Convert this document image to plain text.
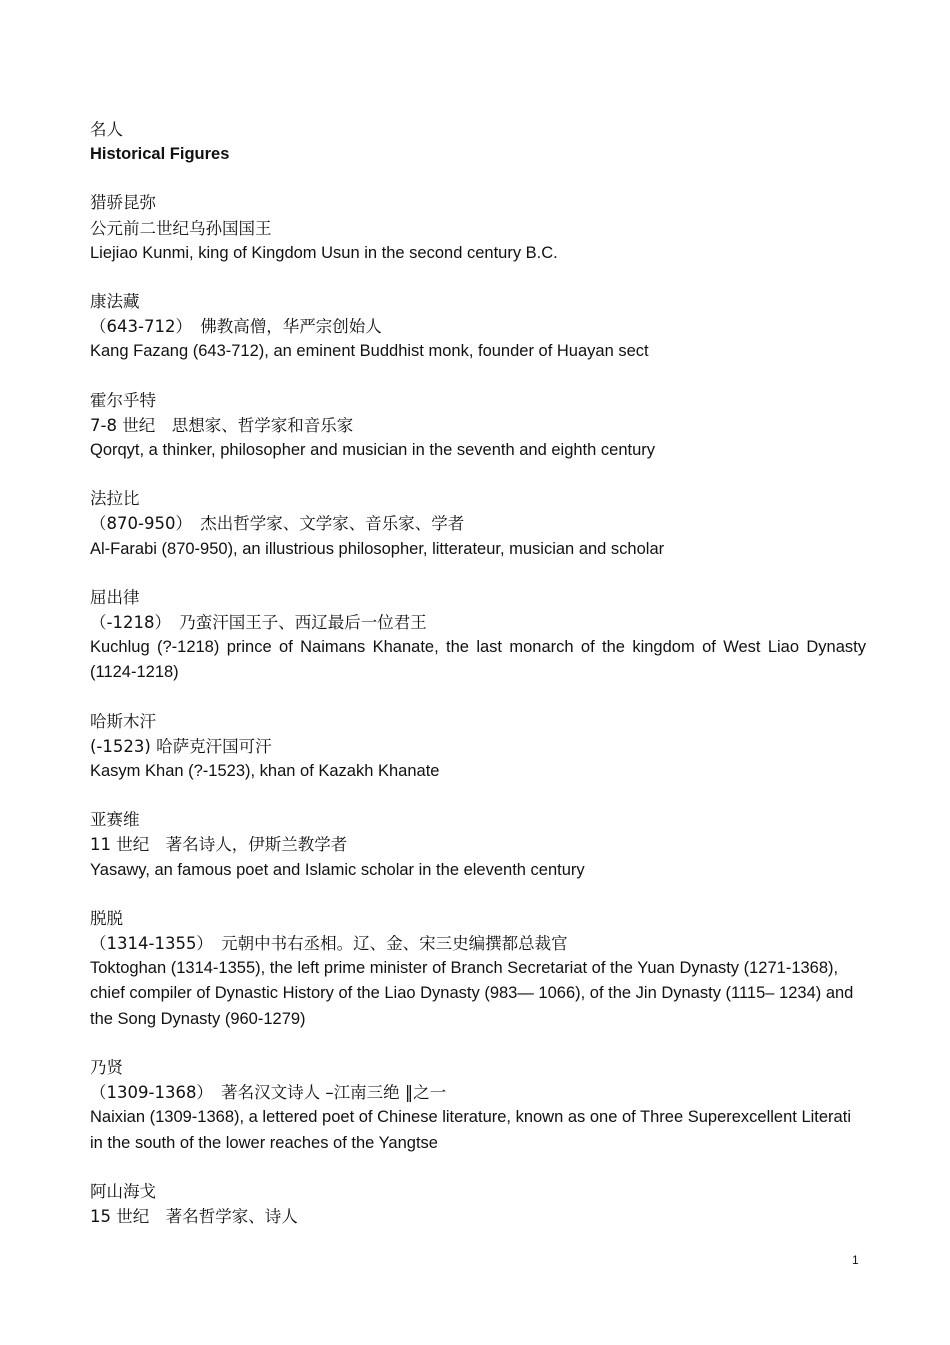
名人
Historical Figures
猎骄昆弥
公元前二世纪乌孙国国王
Liejiao Kunmi, king of Kingdom Usun in the second century B.C.
康法藏
（643-712）　佛教高僧，华严宗创始人
Kang Fazang (643-712), an eminent Buddhist monk, founder of Huayan sect
霍尔乎特
7-8 世纪　思想家、哲学家和音乐家
Qorqyt, a thinker, philosopher and musician in the seventh and eighth century
法拉比
（870-950）　杰出哲学家、文学家、音乐家、学者
Al-Farabi (870-950), an illustrious philosopher, litterateur, musician and scholar
屈出律
（-1218）　乃蛮汗国王子、西辽最后一位君王
Kuchlug (?-1218) prince of Naimans Khanate, the last monarch of the kingdom of West Liao Dynasty (1124-1218)
哈斯木汗
(-1523) 哈萨克汗国可汗
Kasym Khan (?-1523), khan of Kazakh Khanate
亚赛维
11 世纪　著名诗人，伊斯兰教学者
Yasawy, an famous poet and Islamic scholar in the eleventh century
脱脱
（1314-1355）　元朝中书右丞相。辽、金、宋三史编撰都总裁官
Toktoghan (1314-1355), the left prime minister of Branch Secretariat of the Yuan Dynasty (1271-1368), chief compiler of Dynastic History of the Liao Dynasty (983— 1066), of the Jin Dynasty (1115– 1234) and the Song Dynasty (960-1279)
乃贤
（1309-1368）　著名汉文诗人 –江南三绝 ‖之一
Naixian (1309-1368), a lettered poet of Chinese literature, known as one of Three Superexcellent Literati in the south of the lower reaches of the Yangtse
阿山海戈
15 世纪　著名哲学家、诗人
1
